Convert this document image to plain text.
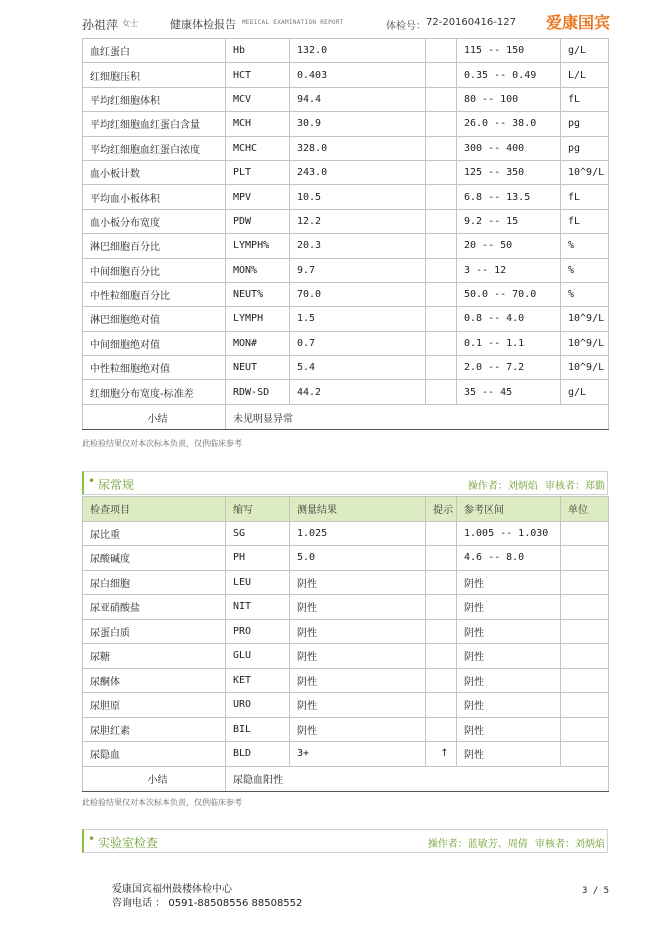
孙祖萍 女士	健康体检报告 MEDICAL EXAMINATION REPORT	体检号： 72-20160416-127 爱康国宾
血红蛋白	Hb	132.0		115 -- 150	g/L
红细胞压积	HCT	0.403		0.35 -- 0.49	L/L
平均红细胞体积	MCV	94.4		80 -- 100	fL
平均红细胞血红蛋白含量	MCH	30.9		26.0 -- 38.0	pg
平均红细胞血红蛋白浓度	MCHC	328.0		300 -- 400	pg
血小板计数	PLT	243.0		125 -- 350	10^9/L
平均血小板体积	MPV	10.5		6.8 -- 13.5	fL
血小板分布宽度	PDW	12.2		9.2 -- 15	fL
淋巴细胞百分比	LYMPH%	20.3		20 -- 50	%
中间细胞百分比	MON%	9.7		3 -- 12	%
中性粒细胞百分比	NEUT%	70.0		50.0 -- 70.0	%
淋巴细胞绝对值	LYMPH	1.5		0.8 -- 4.0	10^9/L
中间细胞绝对值	MON#	0.7		0.1 -- 1.1	10^9/L
中性粒细胞绝对值	NEUT	5.4		2.0 -- 7.2	10^9/L
红细胞分布宽度-标准差	RDW-SD	44.2		35 -- 45	g/L
小结	未见明显异常				
此检验结果仅对本次标本负责，仅供临床参考
• 尿常规	操作者：刘炳焰 审核者：郑勤
检查项目	缩写	测量结果	提示	参考区间	单位
尿比重	SG	1.025		1.005 -- 1.030	
尿酸碱度	PH	5.0		4.6 -- 8.0	
尿白细胞	LEU	阴性		阴性	
尿亚硝酸盐	NIT	阴性		阴性	
尿蛋白质	PRO	阴性		阴性	
尿糖	GLU	阴性		阴性	
尿酮体	KET	阴性		阴性	
尿胆原	URO	阴性		阴性	
尿胆红素	BIL	阴性		阴性	
尿隐血	BLD	3+	↑	阴性	
小结	尿隐血阳性				
此检验结果仅对本次标本负责，仅供临床参考
• 实验室检查	操作者：蓝敏芳、周倩 审核者：刘炳焰
爱康国宾福州鼓楼体检中心
咨询电话 ： 0591-88508556 88508552
3 / 5
